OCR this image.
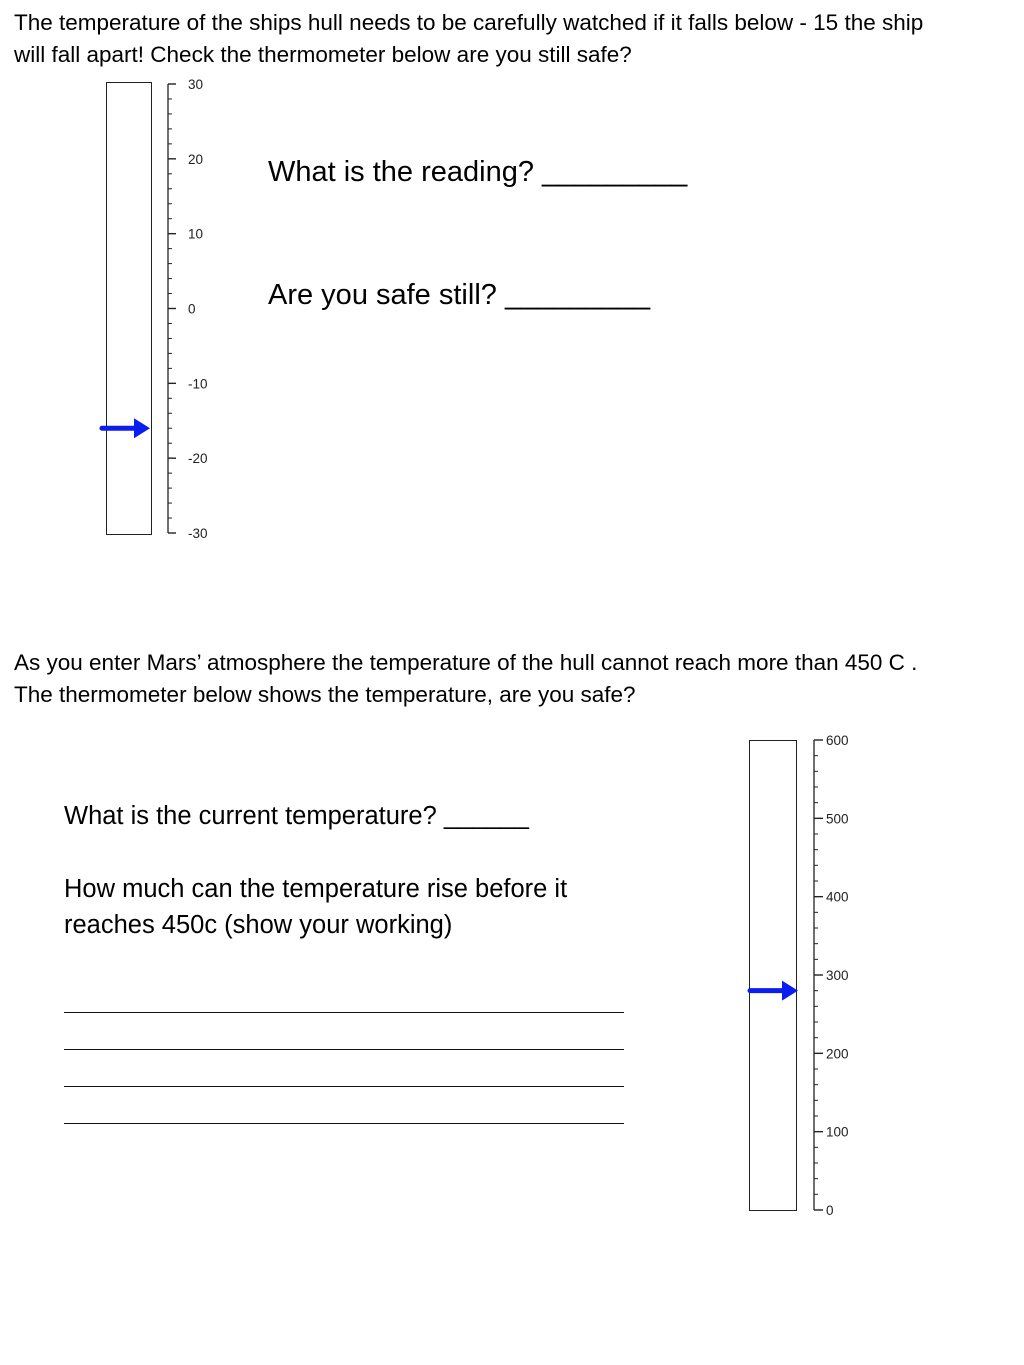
The temperature of the ships hull needs to be carefully watched if it falls below - 15 the ship

will fall apart! Check the thermometer below are you still safe?

30
20
10
0
-10
-20
-30

What is the reading? _________

Are you safe still? _________

As you enter Mars’ atmosphere the temperature of the hull cannot reach more than 450 C .

The thermometer below shows the temperature, are you safe?

What is the current temperature? ______

How much can the temperature rise before it

reaches 450c (show your working)

600
500
400
300
200
100
0
